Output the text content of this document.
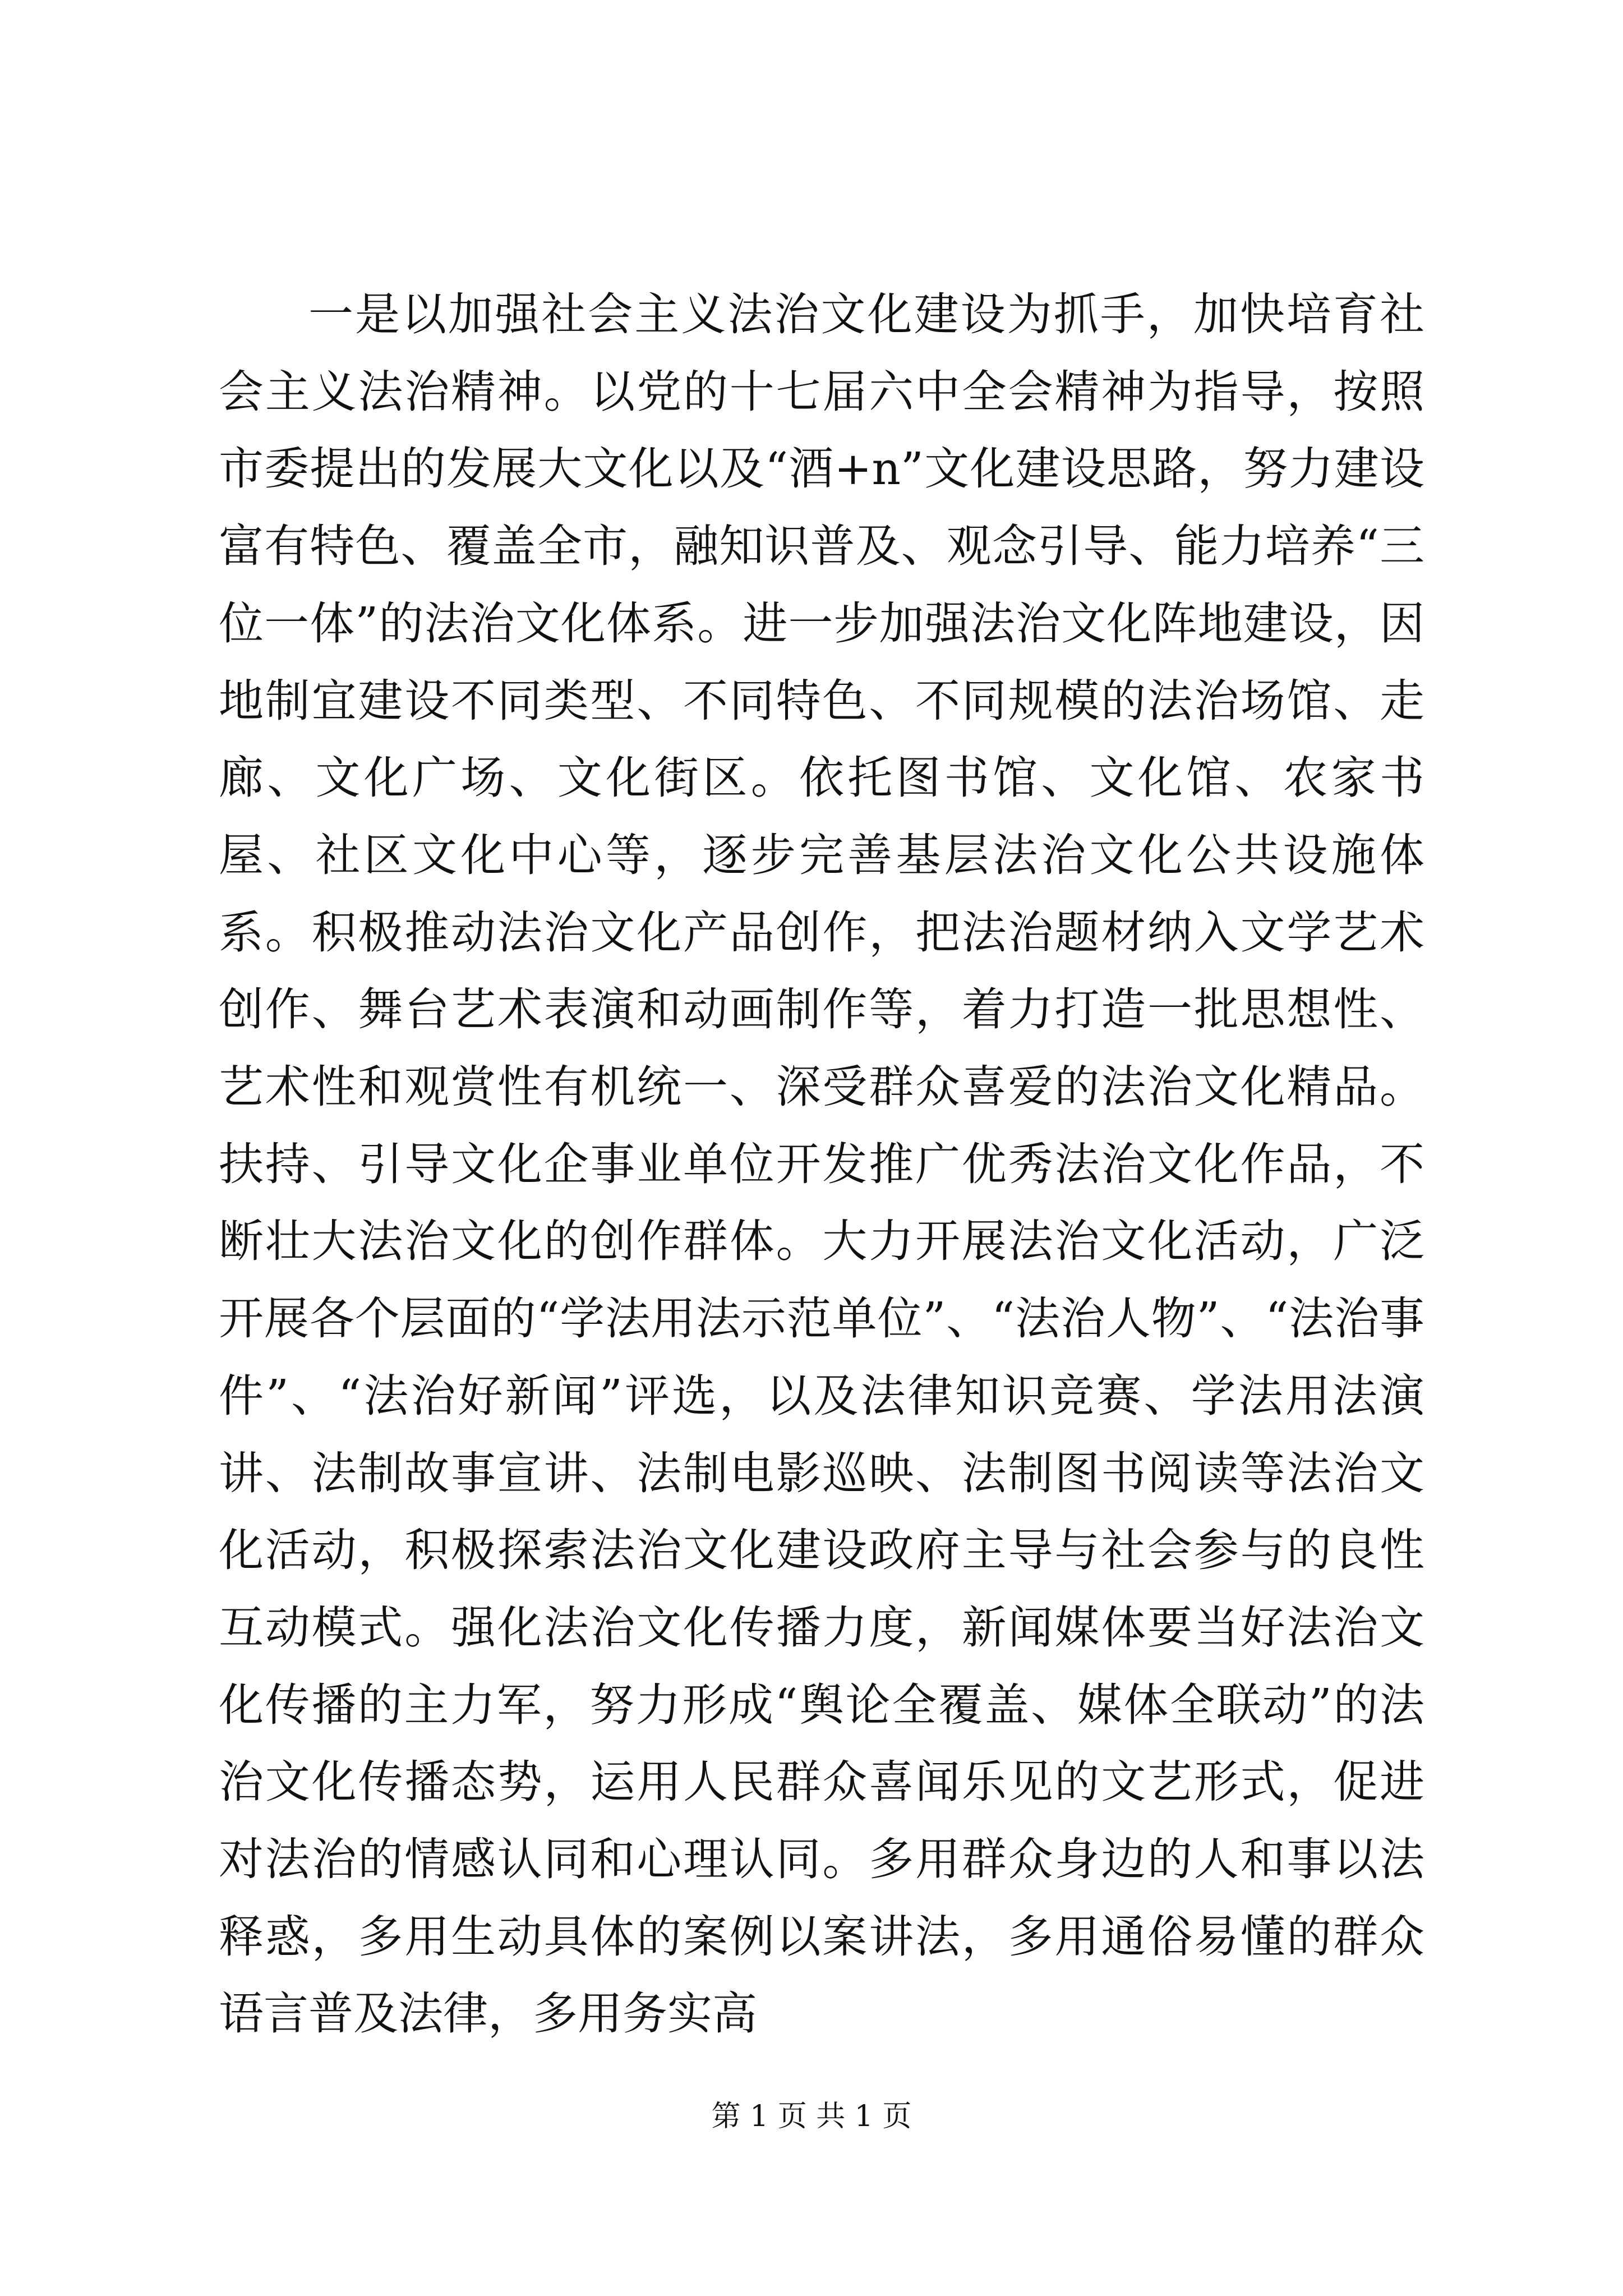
一是以加强社会主义法治文化建设为抓手，加快培育社会主义法治精神。以党的十七届六中全会精神为指导，按照市委提出的发展大文化以及“酒+n”文化建设思路，努力建设富有特色、覆盖全市，融知识普及、观念引导、能力培养“三位一体”的法治文化体系。进一步加强法治文化阵地建设，因地制宜建设不同类型、不同特色、不同规模的法治场馆、走廊、文化广场、文化街区。依托图书馆、文化馆、农家书屋、社区文化中心等，逐步完善基层法治文化公共设施体系。积极推动法治文化产品创作，把法治题材纳入文学艺术创作、舞台艺术表演和动画制作等，着力打造一批思想性、艺术性和观赏性有机统一、深受群众喜爱的法治文化精品。扶持、引导文化企事业单位开发推广优秀法治文化作品，不断壮大法治文化的创作群体。大力开展法治文化活动，广泛开展各个层面的“学法用法示范单位”、“法治人物”、“法治事件”、“法治好新闻”评选，以及法律知识竞赛、学法用法演讲、法制故事宣讲、法制电影巡映、法制图书阅读等法治文化活动，积极探索法治文化建设政府主导与社会参与的良性互动模式。强化法治文化传播力度，新闻媒体要当好法治文化传播的主力军，努力形成“舆论全覆盖、媒体全联动”的法治文化传播态势，运用人民群众喜闻乐见的文艺形式，促进对法治的情感认同和心理认同。多用群众身边的人和事以法释惑，多用生动具体的案例以案讲法，多用通俗易懂的群众语言普及法律，多用务实高

第 1 页 共 1 页
